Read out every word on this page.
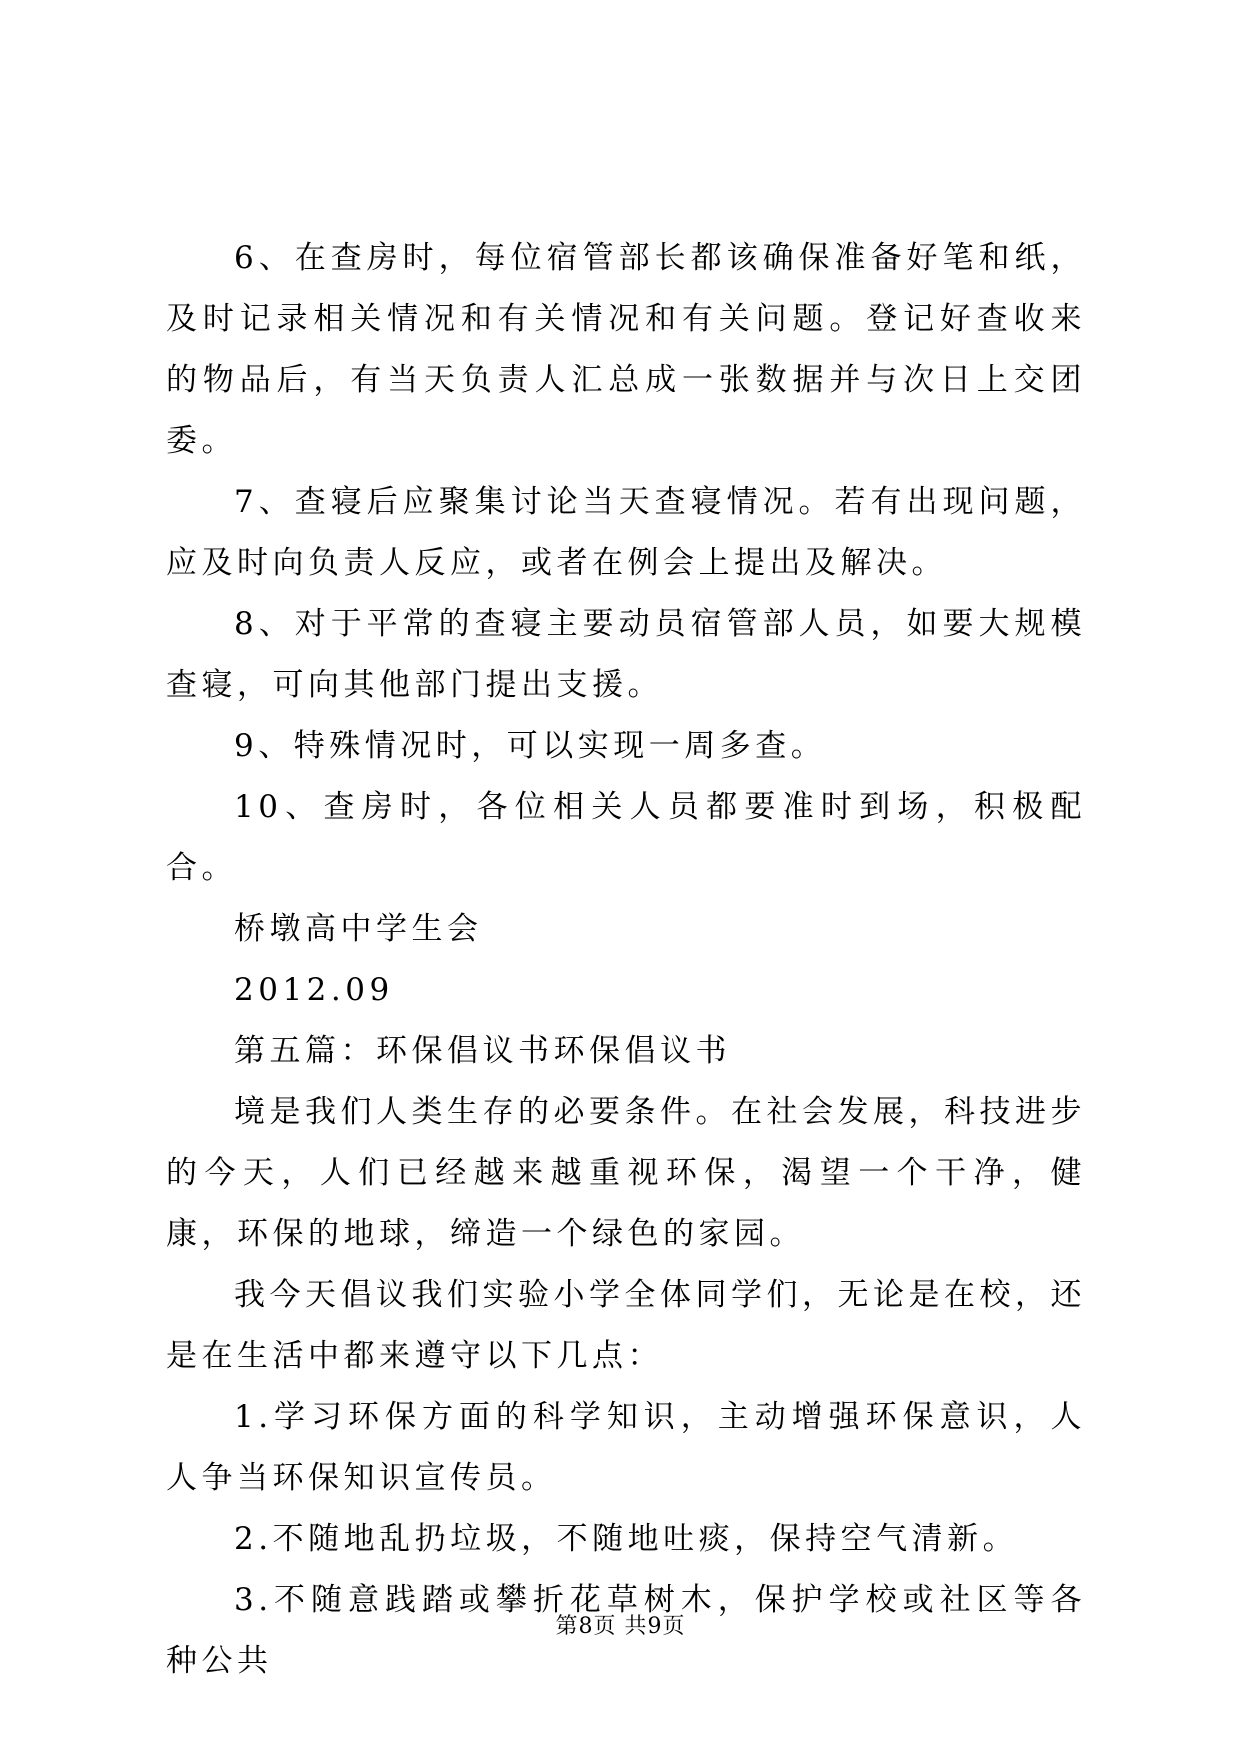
6、在查房时，每位宿管部长都该确保准备好笔和纸，及时记录相关情况和有关情况和有关问题。登记好查收来的物品后，有当天负责人汇总成一张数据并与次日上交团委。

7、查寝后应聚集讨论当天查寝情况。若有出现问题，应及时向负责人反应，或者在例会上提出及解决。

8、对于平常的查寝主要动员宿管部人员，如要大规模查寝，可向其他部门提出支援。

9、特殊情况时，可以实现一周多查。

10、查房时，各位相关人员都要准时到场，积极配合。

桥墩高中学生会

2012.09

第五篇：环保倡议书环保倡议书

境是我们人类生存的必要条件。在社会发展，科技进步的今天，人们已经越来越重视环保，渴望一个干净，健康，环保的地球，缔造一个绿色的家园。

我今天倡议我们实验小学全体同学们，无论是在校，还是在生活中都来遵守以下几点：

1.学习环保方面的科学知识，主动增强环保意识，人人争当环保知识宣传员。

2.不随地乱扔垃圾，不随地吐痰，保持空气清新。

3.不随意践踏或攀折花草树木，保护学校或社区等各种公共

第8页 共9页
